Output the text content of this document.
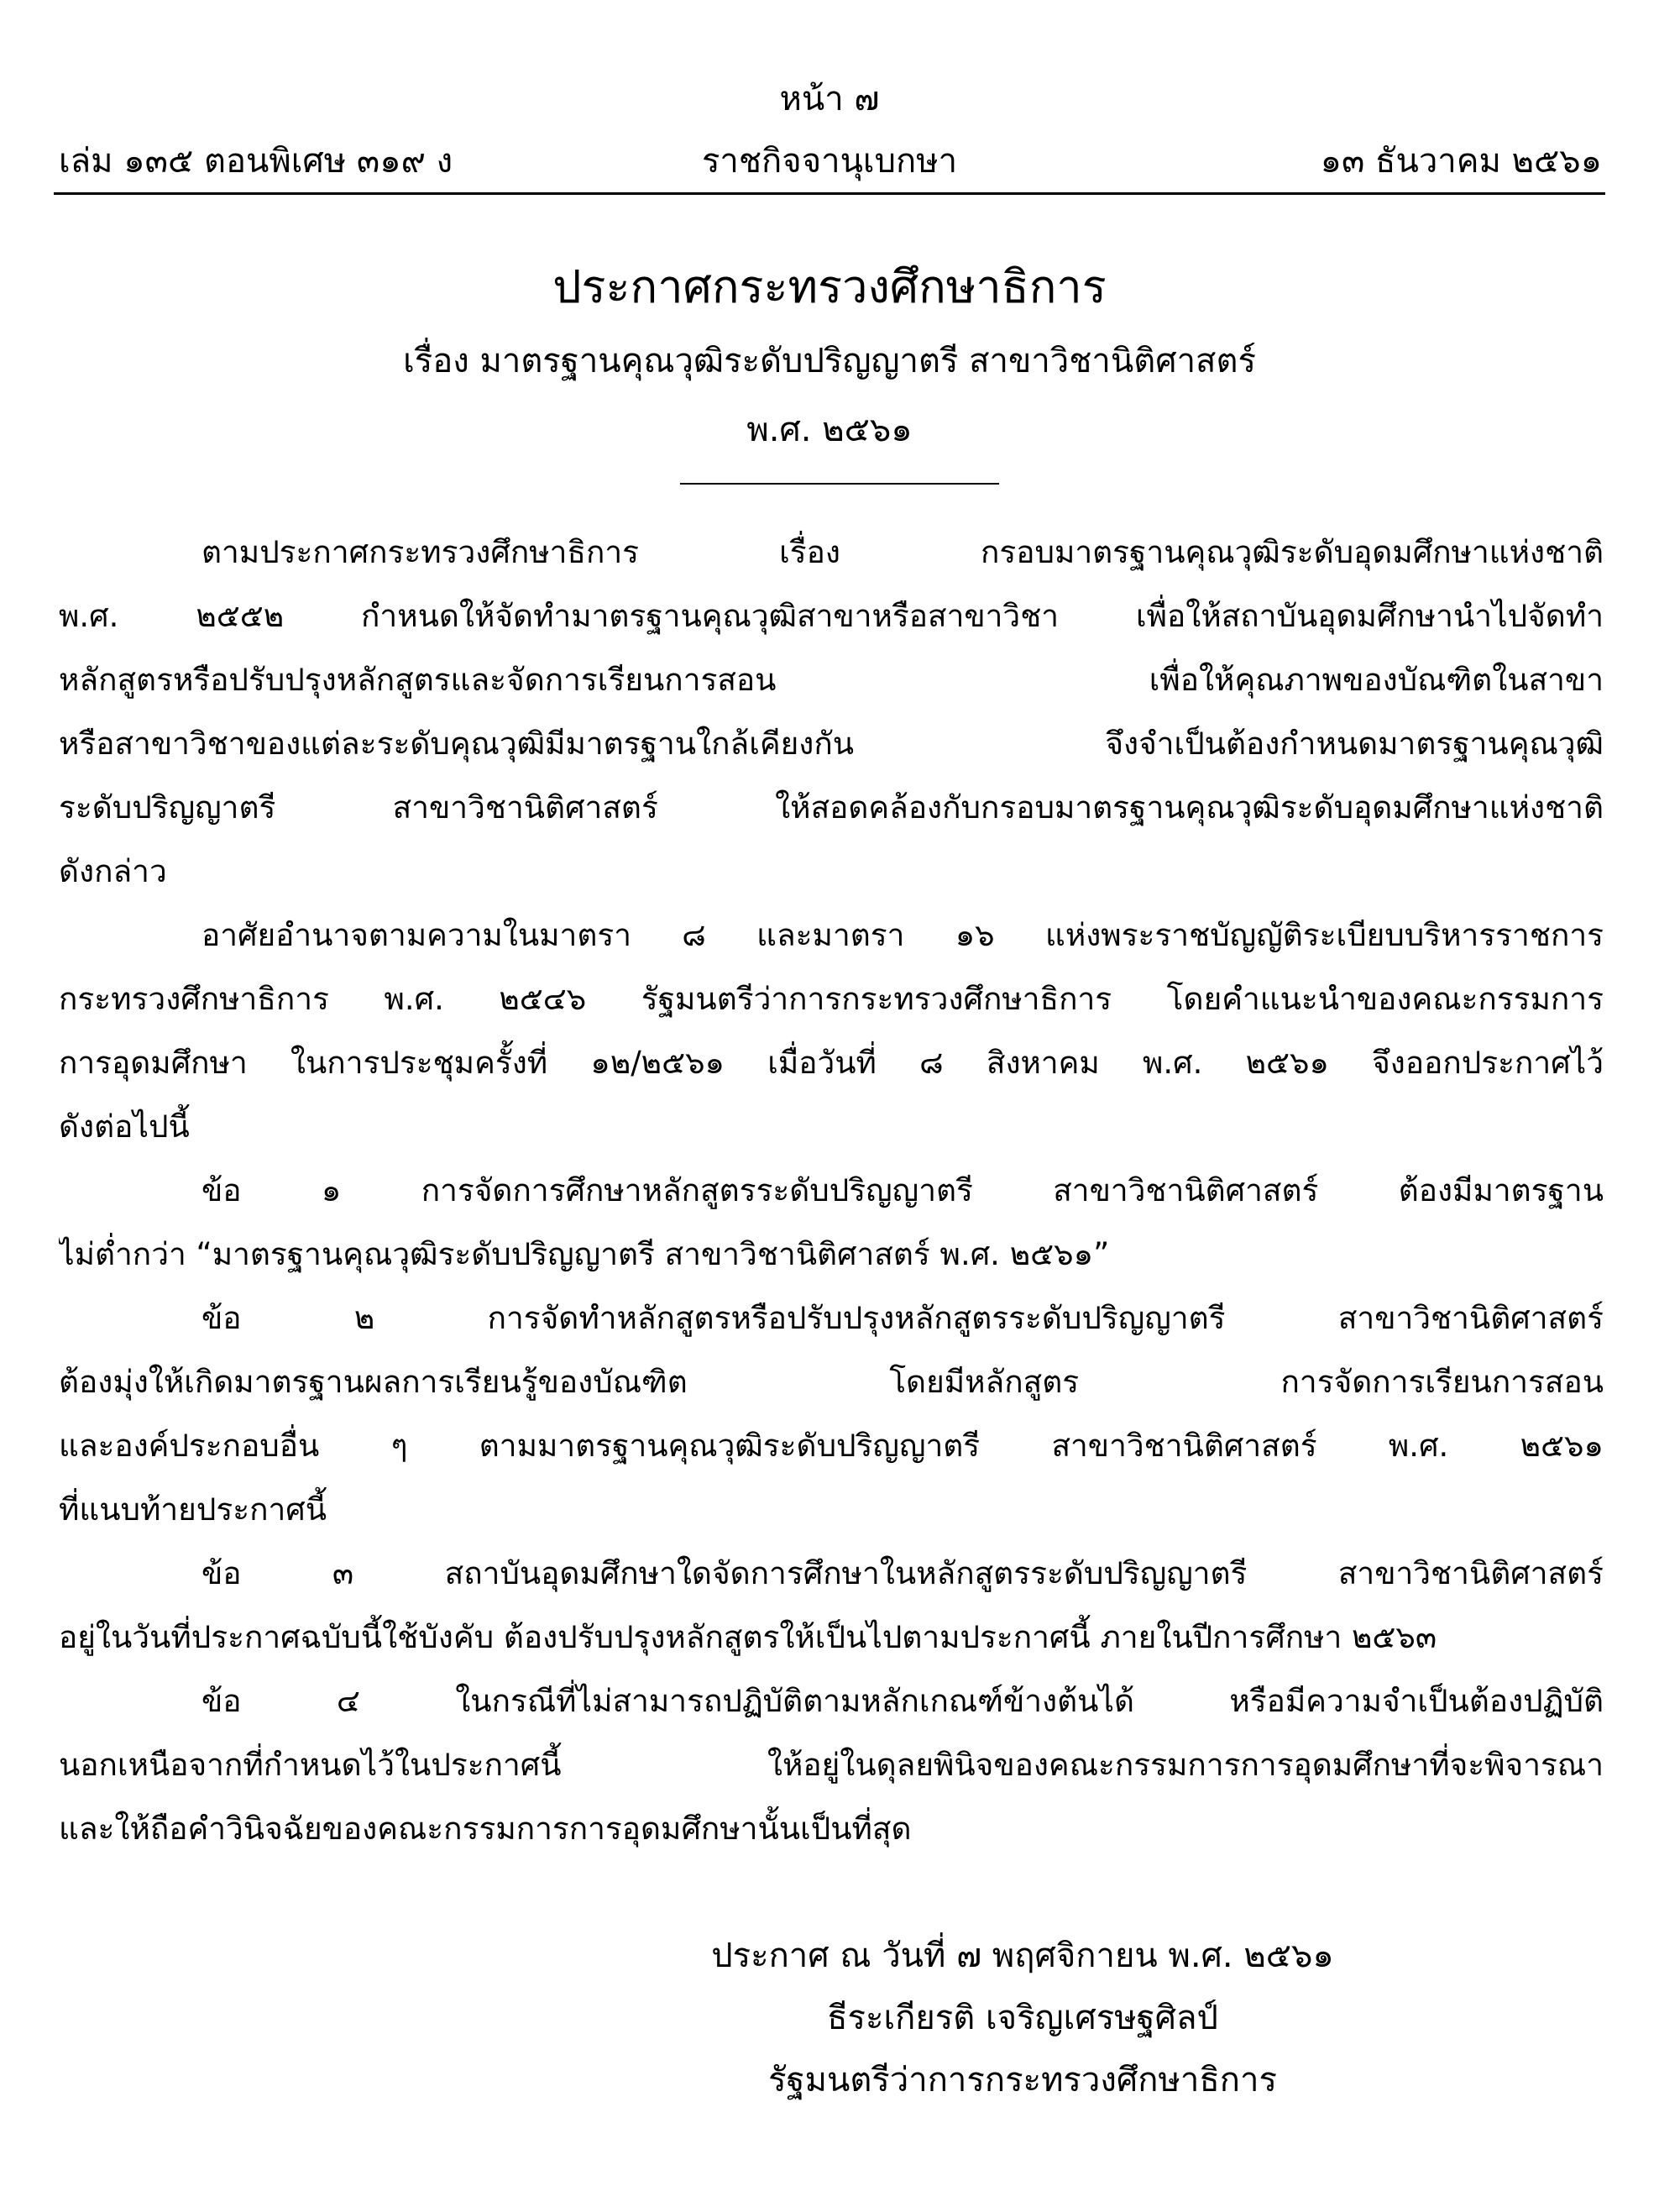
หน้า ๗
เล่ม ๑๓๕ ตอนพิเศษ ๓๑๙ ง	ราชกิจจานุเบกษา	๑๓ ธันวาคม ๒๕๖๑
ประกาศกระทรวงศึกษาธิการ
เรื่อง มาตรฐานคุณวุฒิระดับปริญญาตรี สาขาวิชานิติศาสตร์
พ.ศ. ๒๕๖๑
ตามประกาศกระทรวงศึกษาธิการ เรื่อง กรอบมาตรฐานคุณวุฒิระดับอุดมศึกษาแห่งชาติ
พ.ศ. ๒๕๕๒ กำหนดให้จัดทำมาตรฐานคุณวุฒิสาขาหรือสาขาวิชา เพื่อให้สถาบันอุดมศึกษานำไปจัดทำ
หลักสูตรหรือปรับปรุงหลักสูตรและจัดการเรียนการสอน เพื่อให้คุณภาพของบัณฑิตในสาขา
หรือสาขาวิชาของแต่ละระดับคุณวุฒิมีมาตรฐานใกล้เคียงกัน จึงจำเป็นต้องกำหนดมาตรฐานคุณวุฒิ
ระดับปริญญาตรี สาขาวิชานิติศาสตร์ ให้สอดคล้องกับกรอบมาตรฐานคุณวุฒิระดับอุดมศึกษาแห่งชาติ
ดังกล่าว
อาศัยอำนาจตามความในมาตรา ๘ และมาตรา ๑๖ แห่งพระราชบัญญัติระเบียบบริหารราชการ
กระทรวงศึกษาธิการ พ.ศ. ๒๕๔๖ รัฐมนตรีว่าการกระทรวงศึกษาธิการ โดยคำแนะนำของคณะกรรมการ
การอุดมศึกษา ในการประชุมครั้งที่ ๑๒/๒๕๖๑ เมื่อวันที่ ๘ สิงหาคม พ.ศ. ๒๕๖๑ จึงออกประกาศไว้
ดังต่อไปนี้
ข้อ ๑ การจัดการศึกษาหลักสูตรระดับปริญญาตรี สาขาวิชานิติศาสตร์ ต้องมีมาตรฐาน
ไม่ต่ำกว่า “มาตรฐานคุณวุฒิระดับปริญญาตรี สาขาวิชานิติศาสตร์ พ.ศ. ๒๕๖๑”
ข้อ ๒ การจัดทำหลักสูตรหรือปรับปรุงหลักสูตรระดับปริญญาตรี สาขาวิชานิติศาสตร์
ต้องมุ่งให้เกิดมาตรฐานผลการเรียนรู้ของบัณฑิต โดยมีหลักสูตร การจัดการเรียนการสอน
และองค์ประกอบอื่น ๆ ตามมาตรฐานคุณวุฒิระดับปริญญาตรี สาขาวิชานิติศาสตร์ พ.ศ. ๒๕๖๑
ที่แนบท้ายประกาศนี้
ข้อ ๓ สถาบันอุดมศึกษาใดจัดการศึกษาในหลักสูตรระดับปริญญาตรี สาขาวิชานิติศาสตร์
อยู่ในวันที่ประกาศฉบับนี้ใช้บังคับ ต้องปรับปรุงหลักสูตรให้เป็นไปตามประกาศนี้ ภายในปีการศึกษา ๒๕๖๓
ข้อ ๔ ในกรณีที่ไม่สามารถปฏิบัติตามหลักเกณฑ์ข้างต้นได้ หรือมีความจำเป็นต้องปฏิบัติ
นอกเหนือจากที่กำหนดไว้ในประกาศนี้ ให้อยู่ในดุลยพินิจของคณะกรรมการการอุดมศึกษาที่จะพิจารณา
และให้ถือคำวินิจฉัยของคณะกรรมการการอุดมศึกษานั้นเป็นที่สุด
ประกาศ ณ วันที่ ๗ พฤศจิกายน พ.ศ. ๒๕๖๑
ธีระเกียรติ เจริญเศรษฐศิลป์
รัฐมนตรีว่าการกระทรวงศึกษาธิการ
